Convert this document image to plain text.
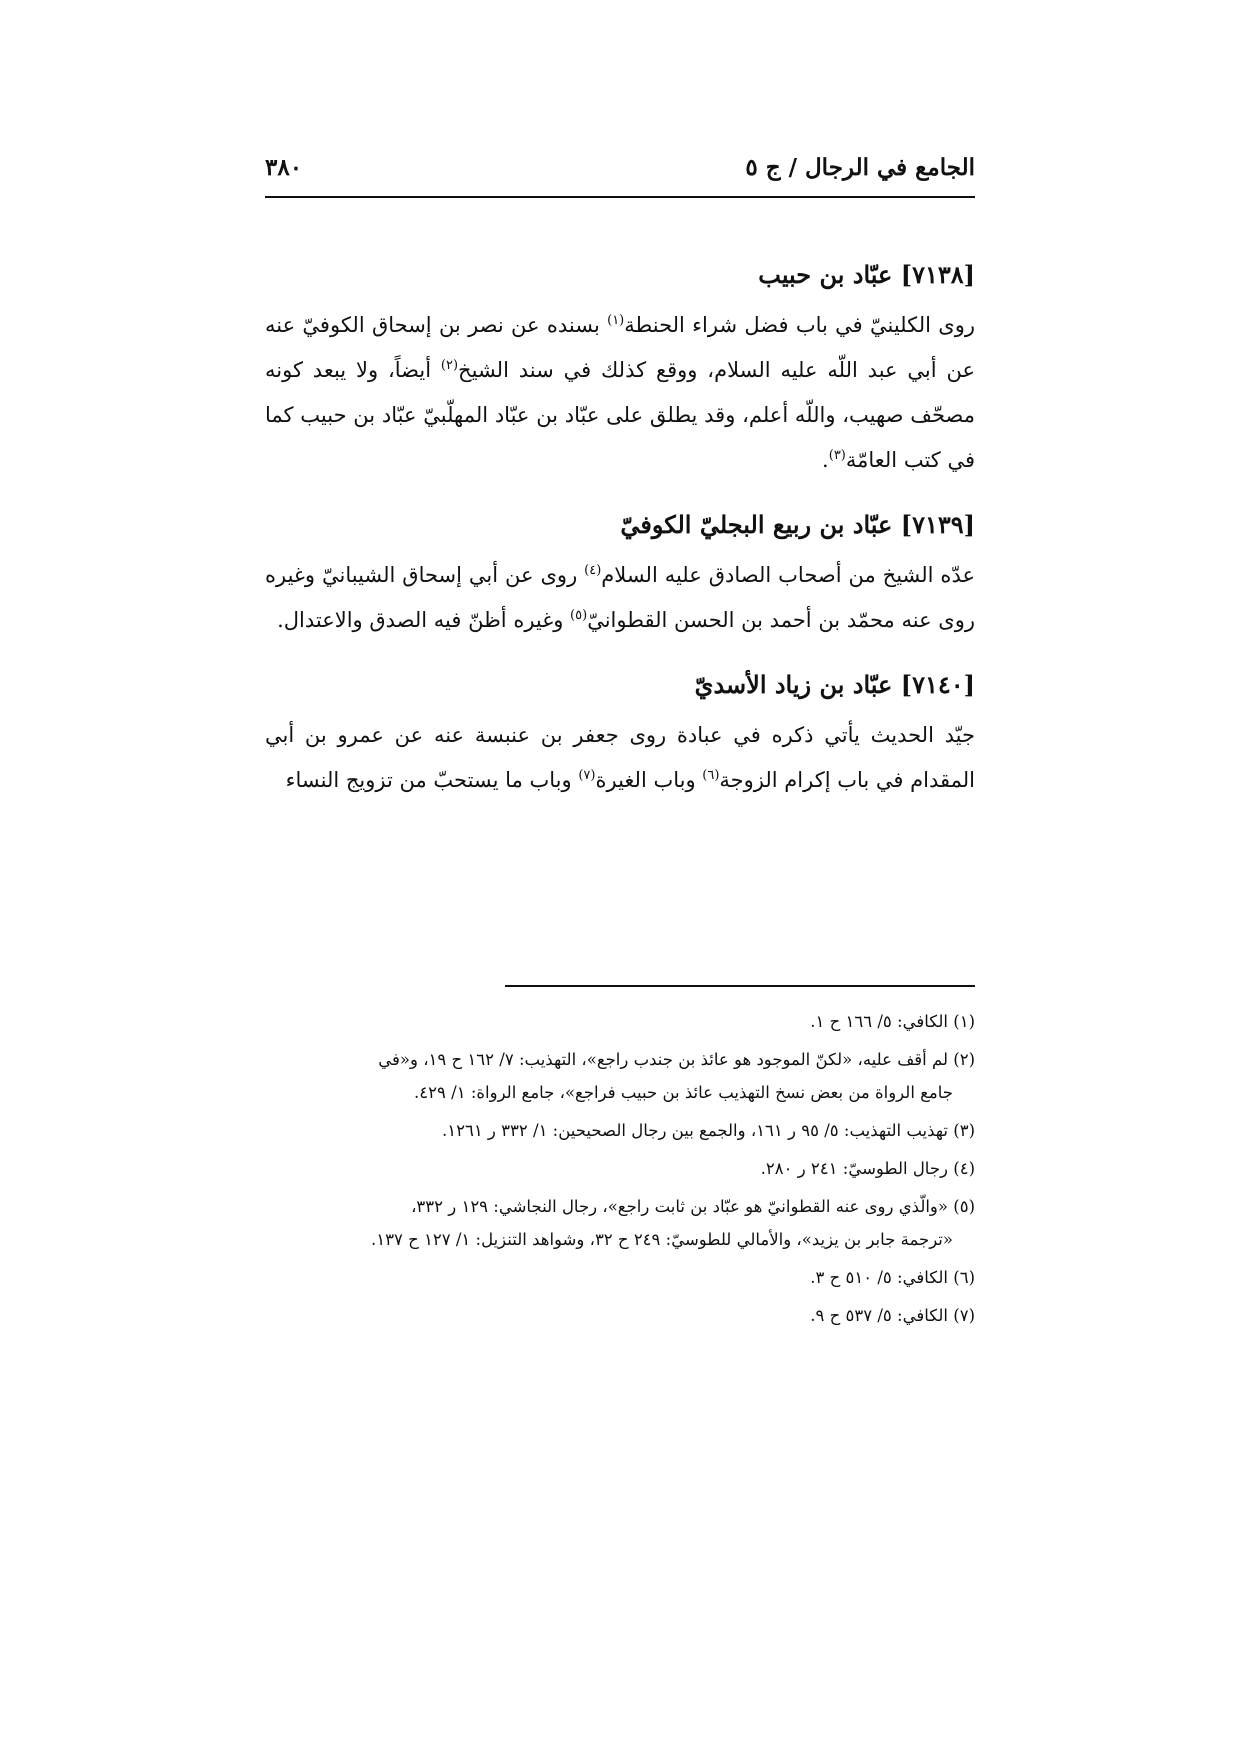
الجامع في الرجال / ج ٥
٣٨٠
[٧١٣٨] عبّاد بن حبيب

روى الكلينيّ في باب فضل شراء الحنطة$^{(١)}$ بسنده عن نصر بن إسحاق الكوفيّ عنه عن أبي عبد اللّه عليه السلام، ووقع كذلك في سند الشيخ$^{(٢)}$ أيضاً، ولا يبعد كونه مصحّف صهيب، واللّه أعلم، وقد يطلق على عبّاد بن عبّاد المهلّبيّ عبّاد بن حبيب كما في كتب العامّة$^{(٣)}$.

[٧١٣٩] عبّاد بن ربيع البجليّ الكوفيّ

عدّه الشيخ من أصحاب الصادق عليه السلام$^{(٤)}$ روى عن أبي إسحاق الشيبانيّ وغيره روى عنه محمّد بن أحمد بن الحسن القطوانيّ$^{(٥)}$ وغيره أظنّ فيه الصدق والاعتدال.

[٧١٤٠] عبّاد بن زياد الأسديّ

جيّد الحديث يأتي ذكره في عبادة روى جعفر بن عنبسة عنه عن عمرو بن أبي المقدام في باب إكرام الزوجة$^{(٦)}$ وباب الغيرة$^{(٧)}$ وباب ما يستحبّ من تزويج النساء

(١) الكافي: ٥/ ١٦٦ ح ١.

(٢) لم أقف عليه، «لكنّ الموجود هو عائذ بن جندب راجع»، التهذيب: ٧/ ١٦٢ ح ١٩، و«في
جامع الرواة من بعض نسخ التهذيب عائذ بن حبيب فراجع»، جامع الرواة: ١/ ٤٢٩.

(٣) تهذيب التهذيب: ٥/ ٩٥ ر ١٦١، والجمع بين رجال الصحيحين: ١/ ٣٣٢ ر ١٢٦١.

(٤) رجال الطوسيّ: ٢٤١ ر ٢٨٠.

(٥) «والّذي روى عنه القطوانيّ هو عبّاد بن ثابت راجع»، رجال النجاشي: ١٢٩ ر ٣٣٢،
«ترجمة جابر بن يزيد»، والأمالي للطوسيّ: ٢٤٩ ح ٣٢، وشواهد التنزيل: ١/ ١٢٧ ح ١٣٧.

(٦) الكافي: ٥/ ٥١٠ ح ٣.

(٧) الكافي: ٥/ ٥٣٧ ح ٩.
